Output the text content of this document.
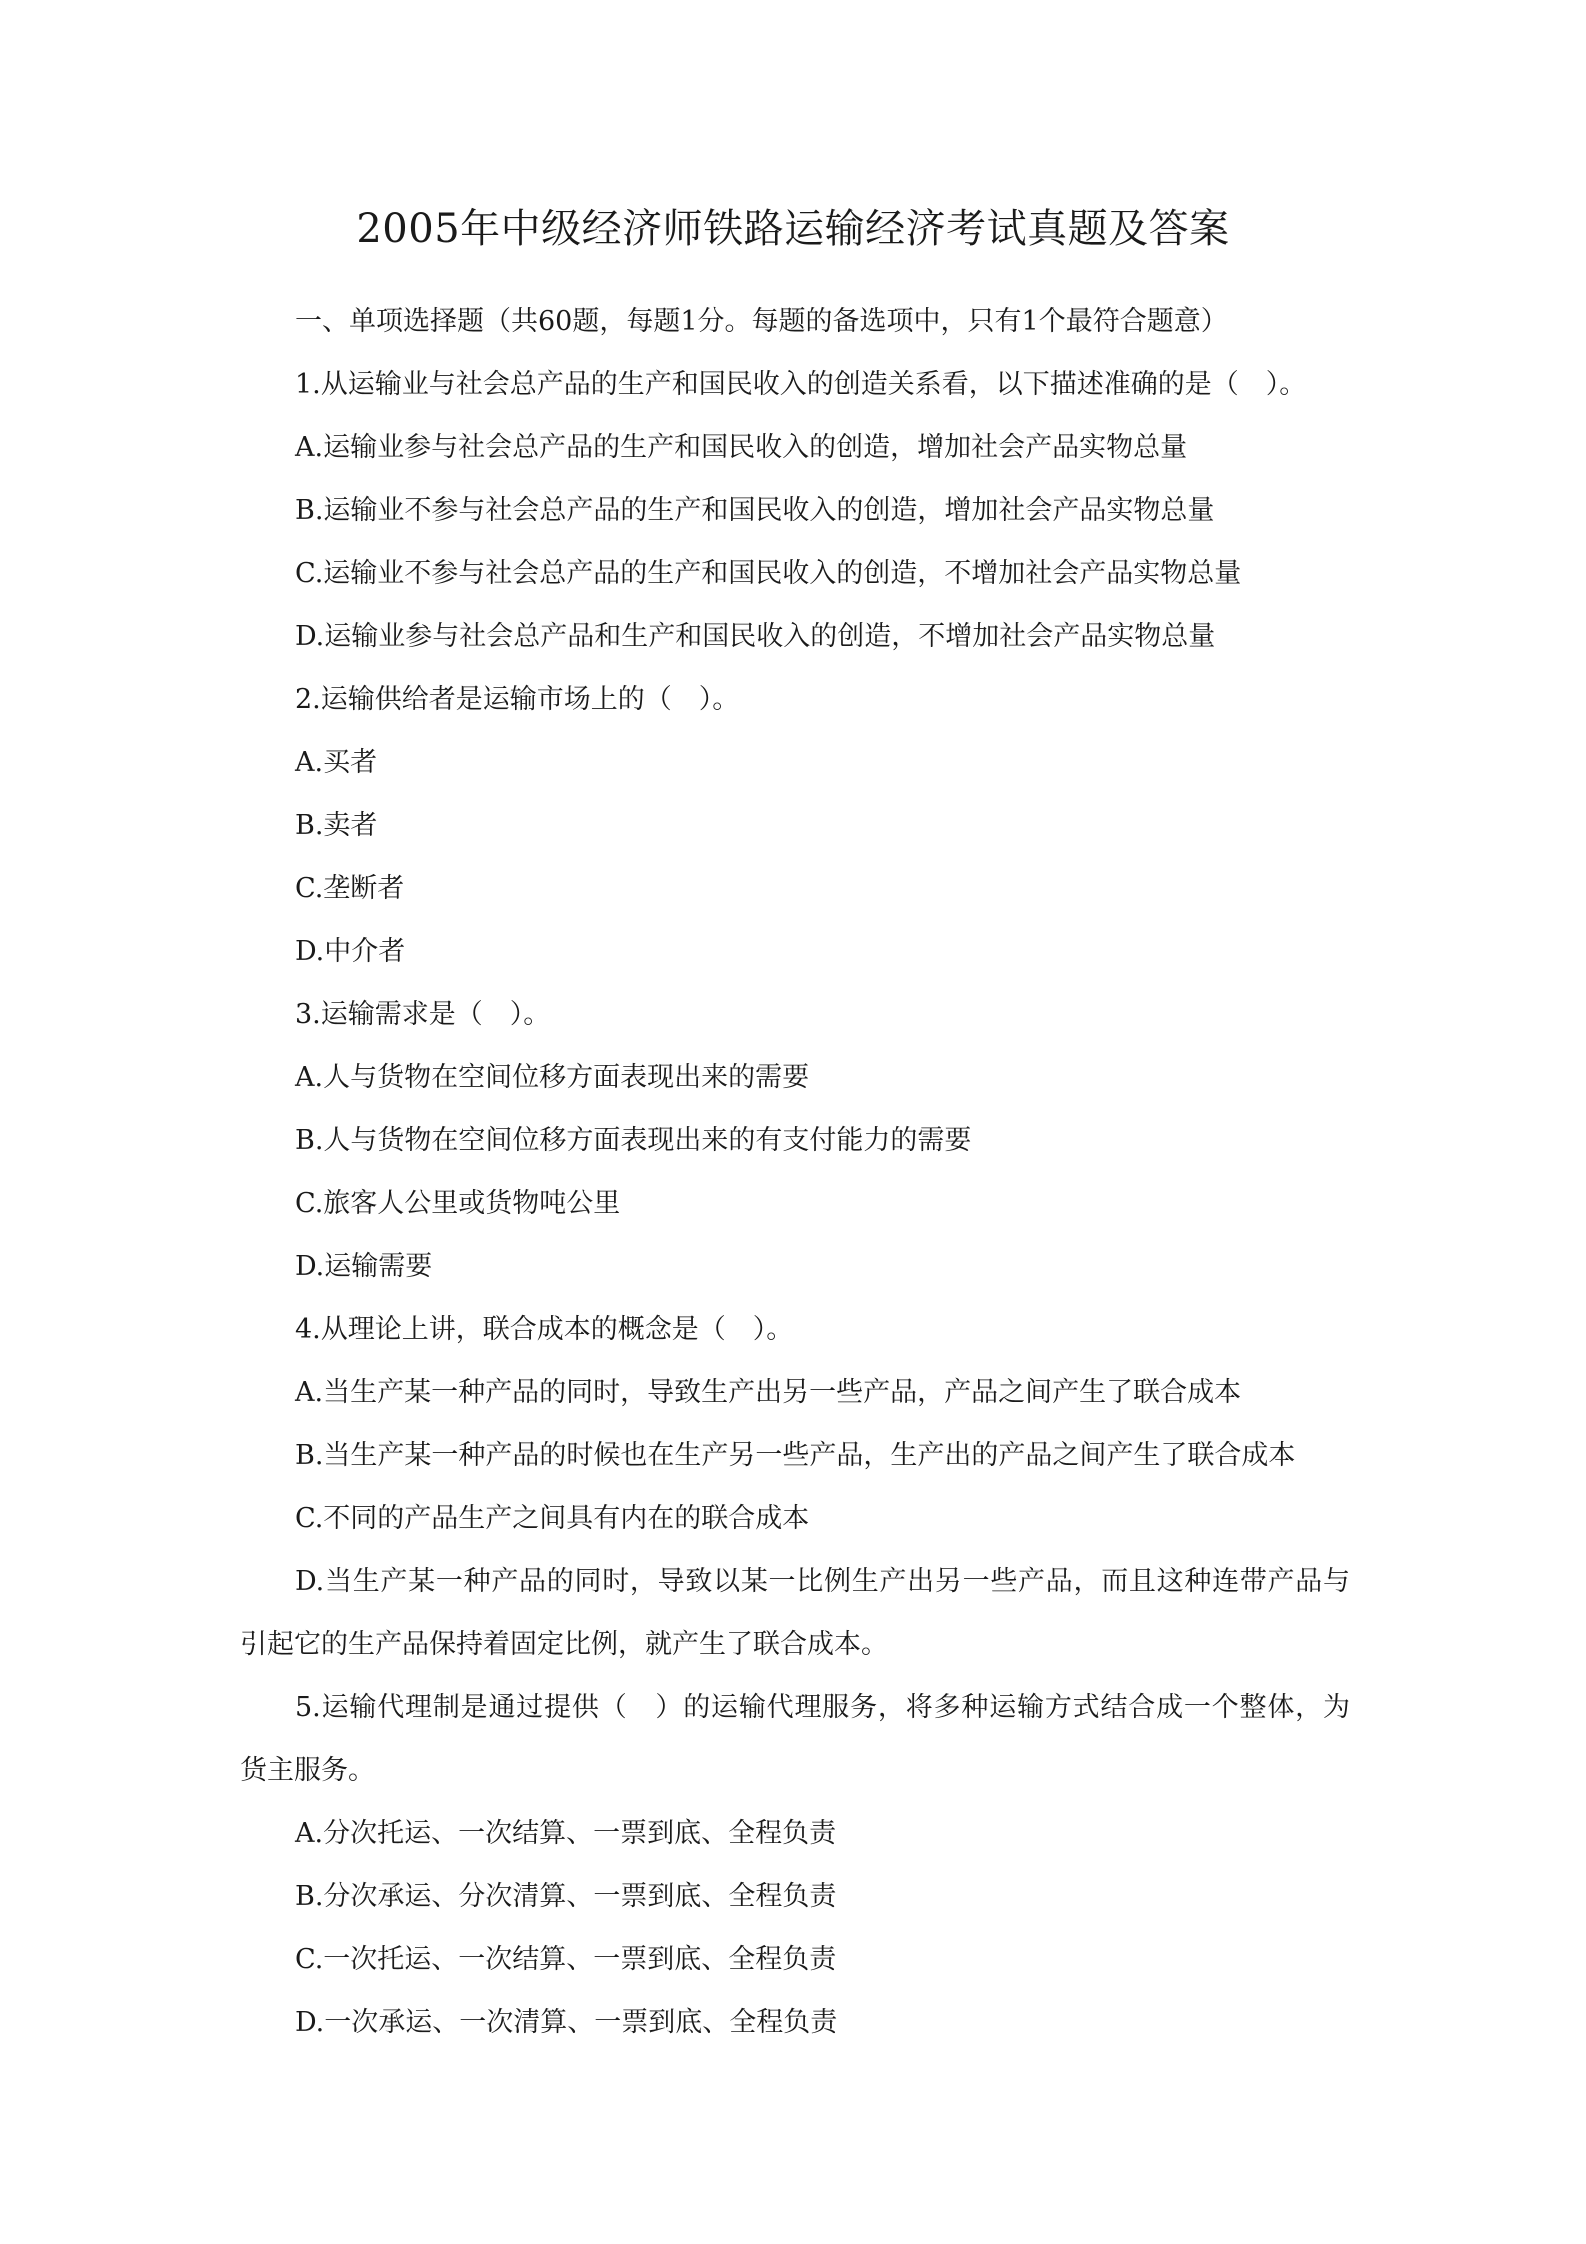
2005年中级经济师铁路运输经济考试真题及答案
一、单项选择题（共60题，每题1分。每题的备选项中，只有1个最符合题意）
1.从运输业与社会总产品的生产和国民收入的创造关系看，以下描述准确的是（　）。
A.运输业参与社会总产品的生产和国民收入的创造，增加社会产品实物总量
B.运输业不参与社会总产品的生产和国民收入的创造，增加社会产品实物总量
C.运输业不参与社会总产品的生产和国民收入的创造，不增加社会产品实物总量
D.运输业参与社会总产品和生产和国民收入的创造，不增加社会产品实物总量
2.运输供给者是运输市场上的（　）。
A.买者
B.卖者
C.垄断者
D.中介者
3.运输需求是（　）。
A.人与货物在空间位移方面表现出来的需要
B.人与货物在空间位移方面表现出来的有支付能力的需要
C.旅客人公里或货物吨公里
D.运输需要
4.从理论上讲，联合成本的概念是（　）。
A.当生产某一种产品的同时，导致生产出另一些产品，产品之间产生了联合成本
B.当生产某一种产品的时候也在生产另一些产品，生产出的产品之间产生了联合成本
C.不同的产品生产之间具有内在的联合成本
D.当生产某一种产品的同时，导致以某一比例生产出另一些产品，而且这种连带产品与
引起它的生产品保持着固定比例，就产生了联合成本。
5.运输代理制是通过提供（　）的运输代理服务，将多种运输方式结合成一个整体，为
货主服务。
A.分次托运、一次结算、一票到底、全程负责
B.分次承运、分次清算、一票到底、全程负责
C.一次托运、一次结算、一票到底、全程负责
D.一次承运、一次清算、一票到底、全程负责
